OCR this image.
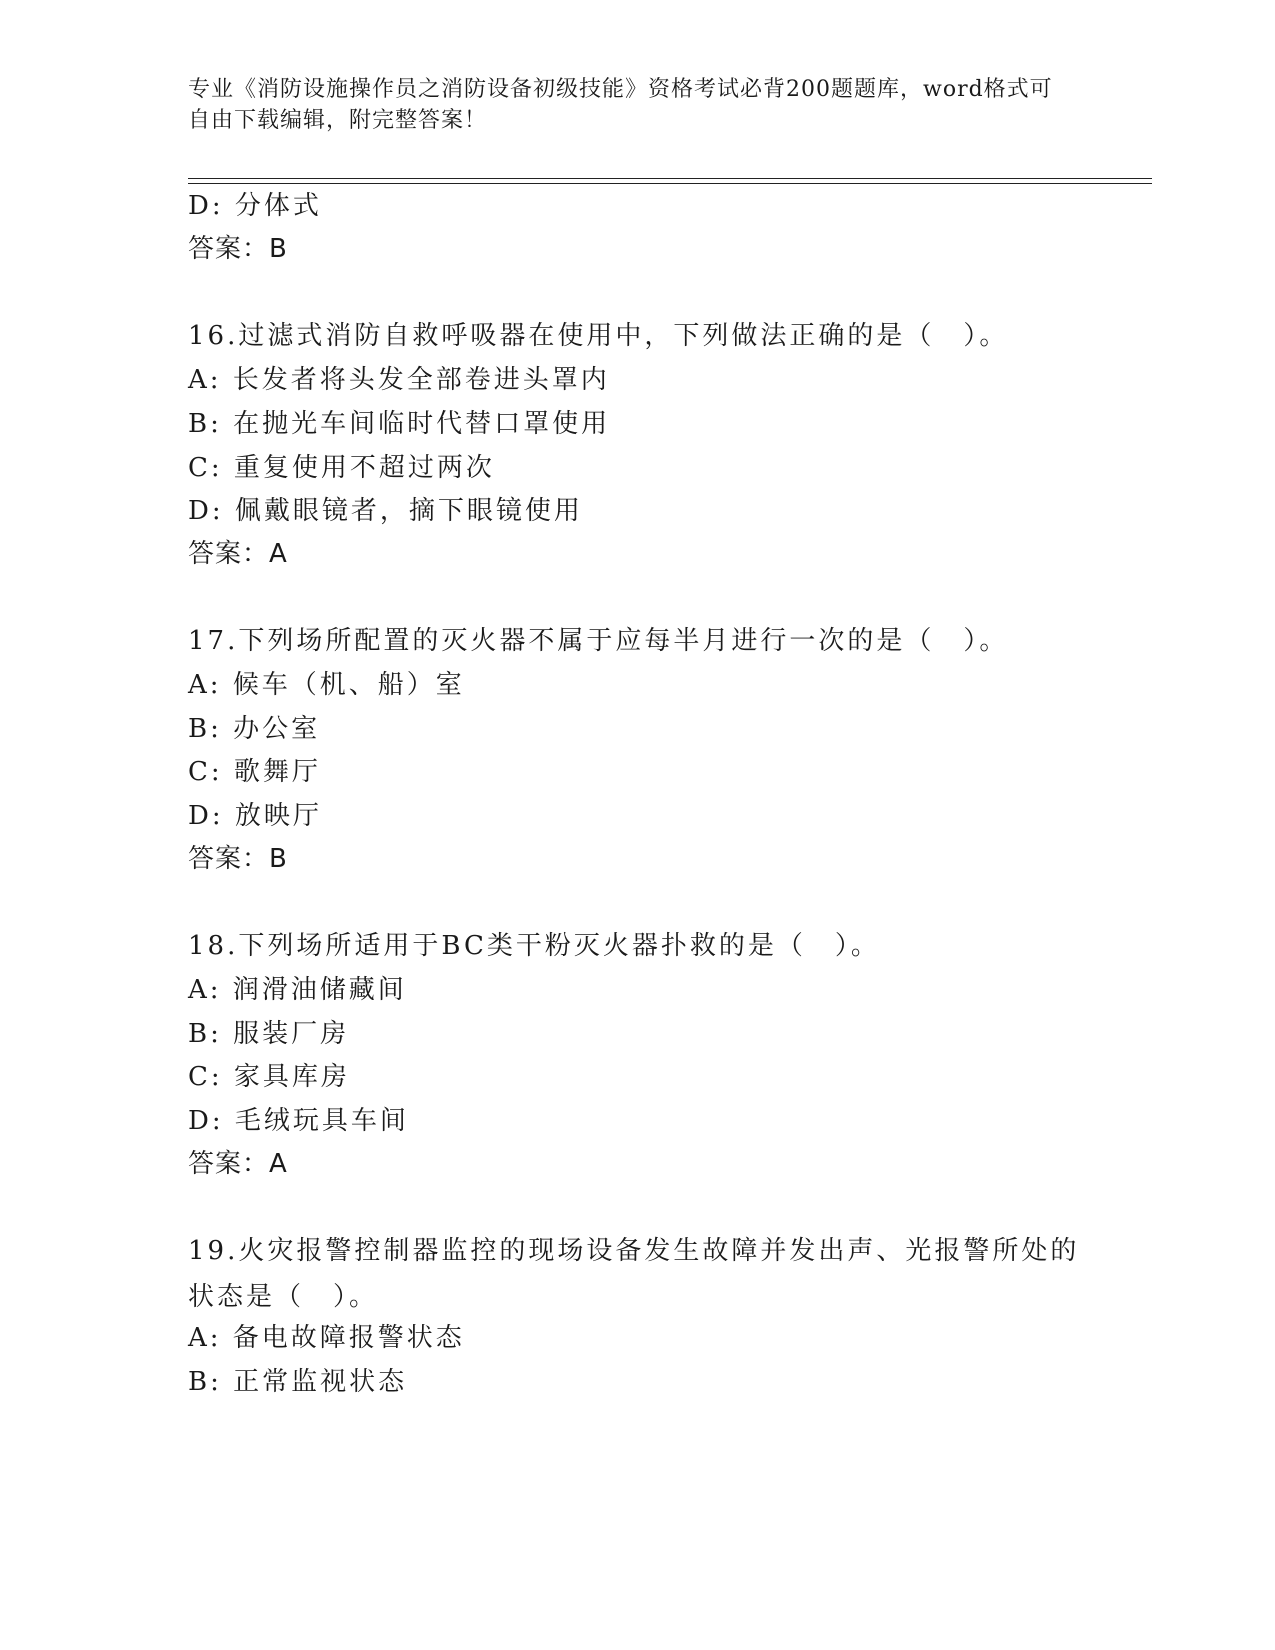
专业《消防设施操作员之消防设备初级技能》资格考试必背200题题库，word格式可自由下载编辑，附完整答案！
D: 分体式
答案：B
16.过滤式消防自救呼吸器在使用中，下列做法正确的是（　）。
A: 长发者将头发全部卷进头罩内
B: 在抛光车间临时代替口罩使用
C: 重复使用不超过两次
D: 佩戴眼镜者，摘下眼镜使用
答案：A
17.下列场所配置的灭火器不属于应每半月进行一次的是（　）。
A: 候车（机、船）室
B: 办公室
C: 歌舞厅
D: 放映厅
答案：B
18.下列场所适用于BC类干粉灭火器扑救的是（　）。
A: 润滑油储藏间
B: 服装厂房
C: 家具库房
D: 毛绒玩具车间
答案：A
19.火灾报警控制器监控的现场设备发生故障并发出声、光报警所处的状态是（　）。
A: 备电故障报警状态
B: 正常监视状态
